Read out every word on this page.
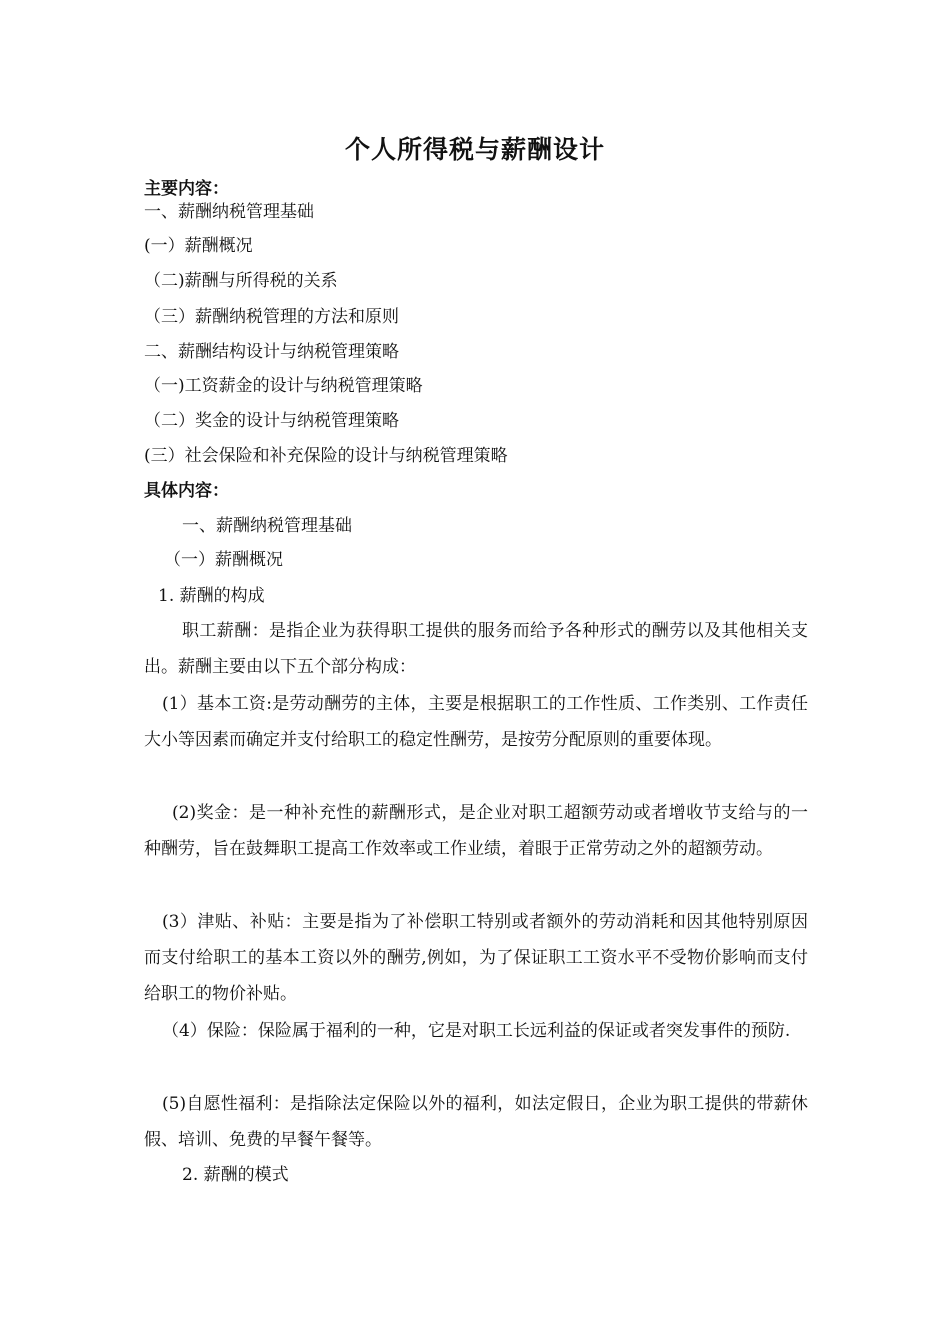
个人所得税与薪酬设计
主要内容：
一、薪酬纳税管理基础
(一）薪酬概况
（二)薪酬与所得税的关系
（三）薪酬纳税管理的方法和原则
二、薪酬结构设计与纳税管理策略
（一)工资薪金的设计与纳税管理策略
（二）奖金的设计与纳税管理策略
(三）社会保险和补充保险的设计与纳税管理策略
具体内容：
一、薪酬纳税管理基础
（一）薪酬概况
1. 薪酬的构成
职工薪酬：是指企业为获得职工提供的服务而给予各种形式的酬劳以及其他相关支出。薪酬主要由以下五个部分构成：
(1）基本工资:是劳动酬劳的主体，主要是根据职工的工作性质、工作类别、工作责任大小等因素而确定并支付给职工的稳定性酬劳，是按劳分配原则的重要体现。
(2)奖金：是一种补充性的薪酬形式，是企业对职工超额劳动或者增收节支给与的一种酬劳，旨在鼓舞职工提高工作效率或工作业绩，着眼于正常劳动之外的超额劳动。
(3）津贴、补贴：主要是指为了补偿职工特别或者额外的劳动消耗和因其他特别原因而支付给职工的基本工资以外的酬劳,例如，为了保证职工工资水平不受物价影响而支付给职工的物价补贴。
（4）保险：保险属于福利的一种，它是对职工长远利益的保证或者突发事件的预防.
(5)自愿性福利：是指除法定保险以外的福利，如法定假日，企业为职工提供的带薪休假、培训、免费的早餐午餐等。
2. 薪酬的模式
